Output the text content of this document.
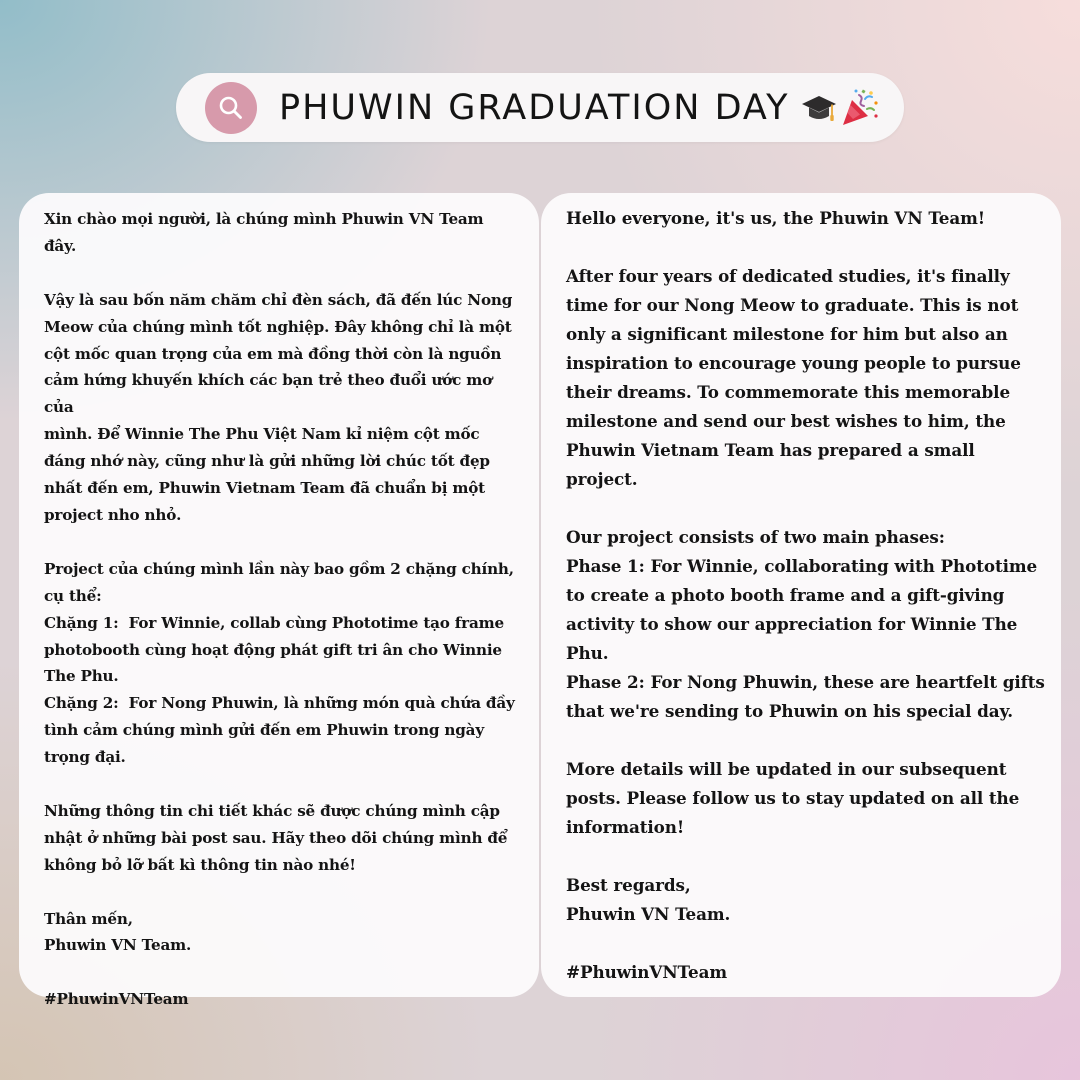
PHUWIN GRADUATION DAY

Xin chào mọi người, là chúng mình Phuwin VN Team
đây.

Vậy là sau bốn năm chăm chỉ đèn sách, đã đến lúc Nong
Meow của chúng mình tốt nghiệp. Đây không chỉ là một
cột mốc quan trọng của em mà đồng thời còn là nguồn
cảm hứng khuyến khích các bạn trẻ theo đuổi ước mơ của
mình. Để Winnie The Phu Việt Nam kỉ niệm cột mốc
đáng nhớ này, cũng như là gửi những lời chúc tốt đẹp
nhất đến em, Phuwin Vietnam Team đã chuẩn bị một
project nho nhỏ.

Project của chúng mình lần này bao gồm 2 chặng chính,
cụ thể:
Chặng 1:  For Winnie, collab cùng Phototime tạo frame
photobooth cùng hoạt động phát gift tri ân cho Winnie
The Phu.
Chặng 2:  For Nong Phuwin, là những món quà chứa đầy
tình cảm chúng mình gửi đến em Phuwin trong ngày
trọng đại.

Những thông tin chi tiết khác sẽ được chúng mình cập
nhật ở những bài post sau. Hãy theo dõi chúng mình để
không bỏ lỡ bất kì thông tin nào nhé!

Thân mến,
Phuwin VN Team.

#PhuwinVNTeam

Hello everyone, it's us, the Phuwin VN Team!

After four years of dedicated studies, it's finally
time for our Nong Meow to graduate. This is not
only a significant milestone for him but also an
inspiration to encourage young people to pursue
their dreams. To commemorate this memorable
milestone and send our best wishes to him, the
Phuwin Vietnam Team has prepared a small
project.

Our project consists of two main phases:
Phase 1: For Winnie, collaborating with Phototime
to create a photo booth frame and a gift-giving
activity to show our appreciation for Winnie The
Phu.
Phase 2: For Nong Phuwin, these are heartfelt gifts
that we're sending to Phuwin on his special day.

More details will be updated in our subsequent
posts. Please follow us to stay updated on all the
information!

Best regards,
Phuwin VN Team.

#PhuwinVNTeam
